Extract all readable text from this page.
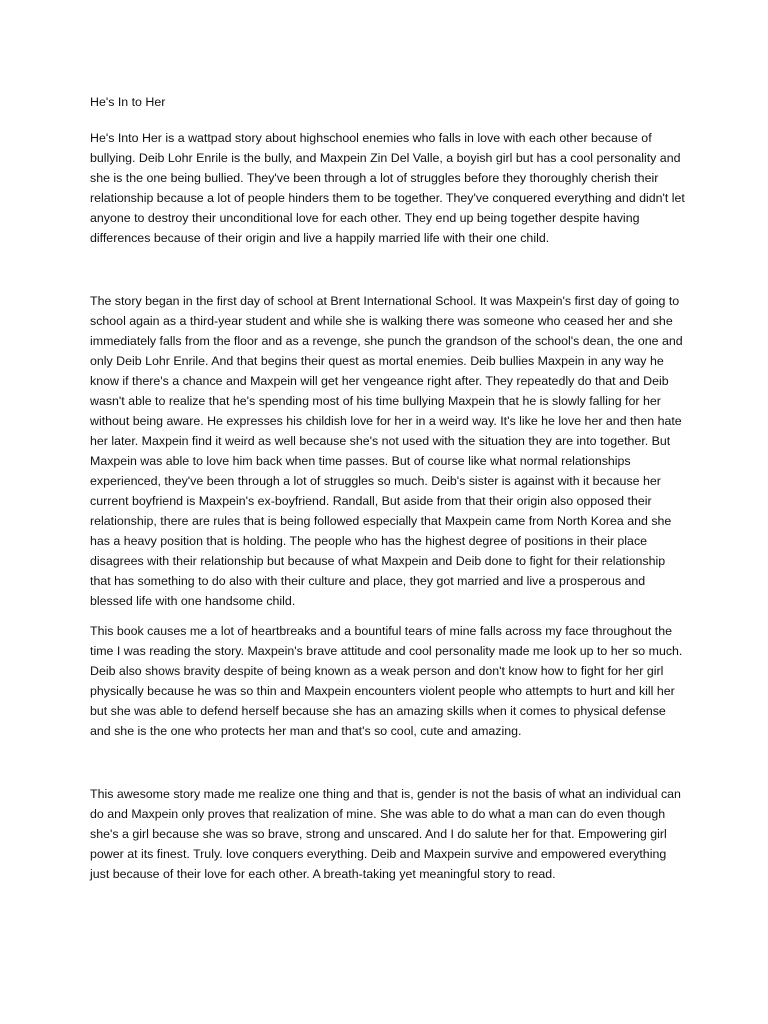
He's In to Her

He's Into Her is a wattpad story about highschool enemies who falls in love with each other because of bullying. Deib Lohr Enrile is the bully, and Maxpein Zin Del Valle, a boyish girl but has a cool personality and she is the one being bullied. They've been through a lot of struggles before they thoroughly cherish their relationship because a lot of people hinders them to be together. They've conquered everything and didn't let anyone to destroy their unconditional love for each other. They end up being together despite having differences because of their origin and live a happily married life with their one child.

The story began in the first day of school at Brent International School. It was Maxpein's first day of going to school again as a third-year student and while she is walking there was someone who ceased her and she immediately falls from the floor and as a revenge, she punch the grandson of the school's dean, the one and only Deib Lohr Enrile. And that begins their quest as mortal enemies. Deib bullies Maxpein in any way he know if there's a chance and Maxpein will get her vengeance right after. They repeatedly do that and Deib wasn't able to realize that he's spending most of his time bullying Maxpein that he is slowly falling for her without being aware. He expresses his childish love for her in a weird way. It's like he love her and then hate her later. Maxpein find it weird as well because she's not used with the situation they are into together. But Maxpein was able to love him back when time passes. But of course like what normal relationships experienced, they've been through a lot of struggles so much. Deib's sister is against with it because her current boyfriend is Maxpein's ex-boyfriend. Randall, But aside from that their origin also opposed their relationship, there are rules that is being followed especially that Maxpein came from North Korea and she has a heavy position that is holding. The people who has the highest degree of positions in their place disagrees with their relationship but because of what Maxpein and Deib done to fight for their relationship that has something to do also with their culture and place, they got married and live a prosperous and blessed life with one handsome child.

This book causes me a lot of heartbreaks and a bountiful tears of mine falls across my face throughout the time I was reading the story. Maxpein's brave attitude and cool personality made me look up to her so much. Deib also shows bravity despite of being known as a weak person and don't know how to fight for her girl physically because he was so thin and Maxpein encounters violent people who attempts to hurt and kill her but she was able to defend herself because she has an amazing skills when it comes to physical defense and she is the one who protects her man and that's so cool, cute and amazing.

This awesome story made me realize one thing and that is, gender is not the basis of what an individual can do and Maxpein only proves that realization of mine. She was able to do what a man can do even though she's a girl because she was so brave, strong and unscared. And I do salute her for that. Empowering girl power at its finest. Truly. love conquers everything. Deib and Maxpein survive and empowered everything just because of their love for each other. A breath-taking yet meaningful story to read.
